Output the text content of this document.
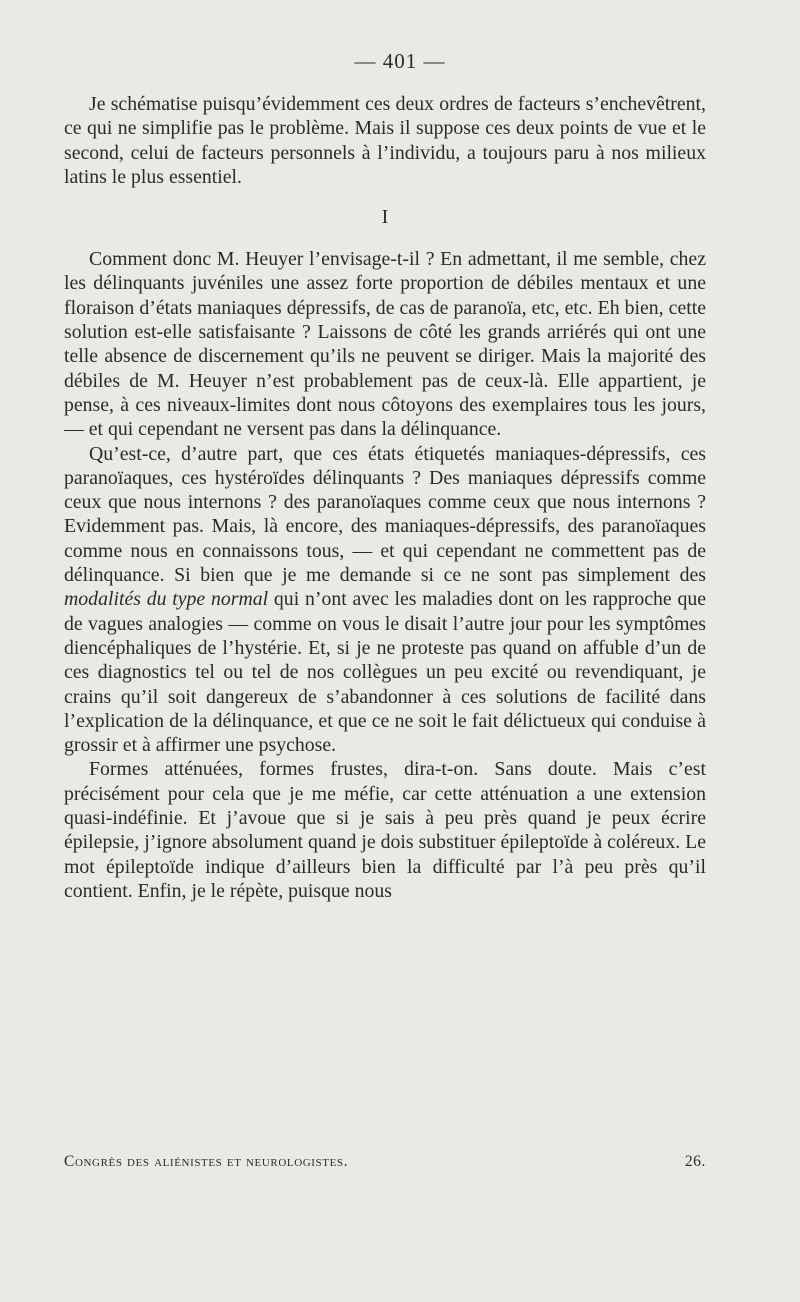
— 401 —

Je schématise puisqu’évidemment ces deux ordres de facteurs s’enchevêtrent, ce qui ne simplifie pas le problème. Mais il suppose ces deux points de vue et le second, celui de facteurs personnels à l’individu, a toujours paru à nos milieux latins le plus essentiel.

I

Comment donc M. Heuyer l’envisage-t-il ? En admettant, il me semble, chez les délinquants juvéniles une assez forte proportion de débiles mentaux et une floraison d’états maniaques dépressifs, de cas de paranoïa, etc, etc. Eh bien, cette solution est-elle satisfaisante ? Laissons de côté les grands arriérés qui ont une telle absence de discernement qu’ils ne peuvent se diriger. Mais la majorité des débiles de M. Heuyer n’est probablement pas de ceux-là. Elle appartient, je pense, à ces niveaux-limites dont nous côtoyons des exemplaires tous les jours, — et qui cependant ne versent pas dans la délinquance.

Qu’est-ce, d’autre part, que ces états étiquetés maniaques-dépressifs, ces paranoïaques, ces hystéroïdes délinquants ? Des maniaques dépressifs comme ceux que nous internons ? des paranoïaques comme ceux que nous internons ? Evidemment pas. Mais, là encore, des maniaques-dépressifs, des paranoïaques comme nous en connaissons tous, — et qui cependant ne commettent pas de délinquance. Si bien que je me demande si ce ne sont pas simplement des modalités du type normal qui n’ont avec les maladies dont on les rapproche que de vagues analogies — comme on vous le disait l’autre jour pour les symptômes diencéphaliques de l’hystérie. Et, si je ne proteste pas quand on affuble d’un de ces diagnostics tel ou tel de nos collègues un peu excité ou revendiquant, je crains qu’il soit dangereux de s’abandonner à ces solutions de facilité dans l’explication de la délinquance, et que ce ne soit le fait délictueux qui conduise à grossir et à affirmer une psychose.

Formes atténuées, formes frustes, dira-t-on. Sans doute. Mais c’est précisément pour cela que je me méfie, car cette atténuation a une extension quasi-indéfinie. Et j’avoue que si je sais à peu près quand je peux écrire épilepsie, j’ignore absolument quand je dois substituer épileptoïde à coléreux. Le mot épileptoïde indique d’ailleurs bien la difficulté par l’à peu près qu’il contient. Enfin, je le répète, puisque nous

Congrès des aliénistes et neurologistes.	26.
